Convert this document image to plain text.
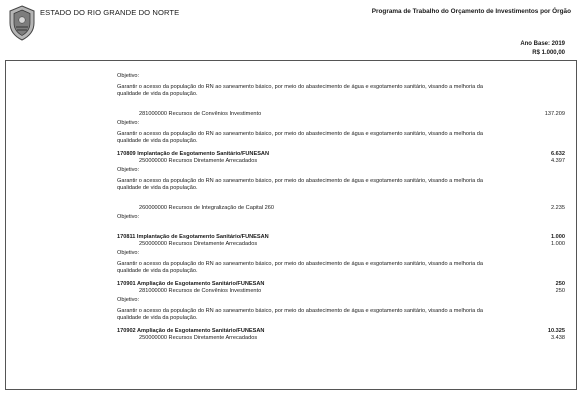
ESTADO DO RIO GRANDE DO NORTE	Programa de Trabalho do Orçamento de Investimentos por Órgão
Ano Base: 2019
R$ 1.000,00
Objetivo:
Garantir o acesso da população do RN ao saneamento básico, por meio do abastecimento de água e esgotamento sanitário, visando a melhoria da qualidade de vida da população.
281000000 Recursos de Convênios Investimento	137.209
Objetivo:
Garantir o acesso da população do RN ao saneamento básico, por meio do abastecimento de água e esgotamento sanitário, visando a melhoria da qualidade de vida da população.
170809 Implantação de Esgotamento Sanitário/FUNESAN	6.632
250000000 Recursos Diretamente Arrecadados	4.397
Objetivo:
Garantir o acesso da população do RN ao saneamento básico, por meio do abastecimento de água e esgotamento sanitário, visando a melhoria da qualidade de vida da população.
260000000 Recursos de Integralização de Capital 260	2.235
Objetivo:
170811 Implantação de Esgotamento Sanitário/FUNESAN	1.000
250000000 Recursos Diretamente Arrecadados	1.000
Objetivo:
Garantir o acesso da população do RN ao saneamento básico, por meio do abastecimento de água e esgotamento sanitário, visando a melhoria da qualidade de vida da população.
170901 Ampliação de Esgotamento Sanitário/FUNESAN	250
281000000 Recursos de Convênios Investimento	250
Objetivo:
Garantir o acesso da população do RN ao saneamento básico, por meio do abastecimento de água e esgotamento sanitário, visando a melhoria da qualidade de vida da população.
170902 Ampliação de Esgotamento Sanitário/FUNESAN	10.325
250000000 Recursos Diretamente Arrecadados	3.438
